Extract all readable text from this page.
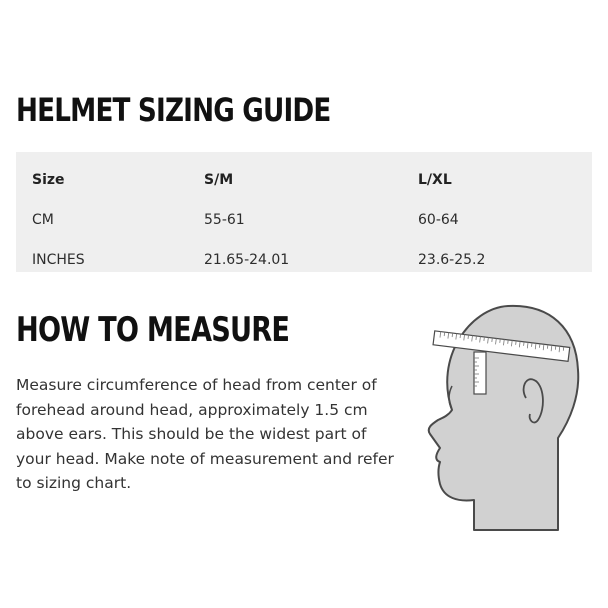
HELMET SIZING GUIDE
Size	S/M	L/XL
CM	55-61	60-64
INCHES	21.65-24.01	23.6-25.2
HOW TO MEASURE

Measure circumference of head from center of forehead around head, approximately 1.5 cm above ears. This should be the widest part of your head. Make note of measurement and refer to sizing chart.
